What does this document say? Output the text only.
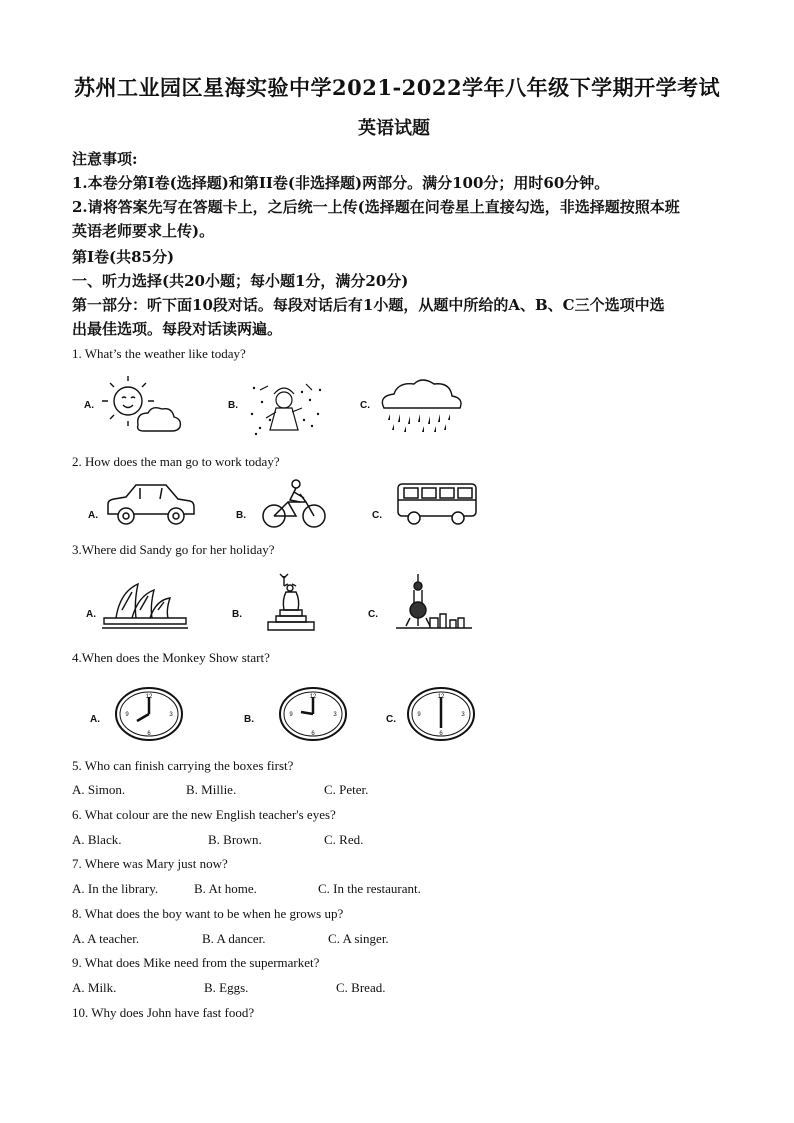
苏州工业园区星海实验中学2021-2022学年八年级下学期开学考试
英语试题
注意事项:
1.本卷分第I卷(选择题)和第II卷(非选择题)两部分。满分100分；用时60分钟。
2.请将答案先写在答题卡上，之后统一上传(选择题在问卷星上直接勾选，非选择题按照本班
英语老师要求上传)。
第I卷(共85分)
一、听力选择(共20小题；每小题1分，满分20分)
第一部分：听下面10段对话。每段对话后有1小题，从题中所给的A、B、C三个选项中选
出最佳选项。每段对话读两遍。
1. What’s the weather like today?
A.	B.	C.
2. How does the man go to work today?
A.	B.	C.
3.Where did Sandy go for her holiday?
A.	B.	C.
4.When does the Monkey Show start?
A.
12
3
6
9	B.
12
3
6
9	C.
12
3
6
9
5. Who can finish carrying the boxes first?
A. Simon.	B. Millie.	C. Peter.
6. What colour are the new English teacher's eyes?
A. Black.	B. Brown.	C. Red.
7. Where was Mary just now?
A. In the library.	B. At home.	C. In the restaurant.
8. What does the boy want to be when he grows up?
A. A teacher.	B. A dancer.	C. A singer.
9. What does Mike need from the supermarket?
A. Milk.	B. Eggs.	C. Bread.
10. Why does John have fast food?
